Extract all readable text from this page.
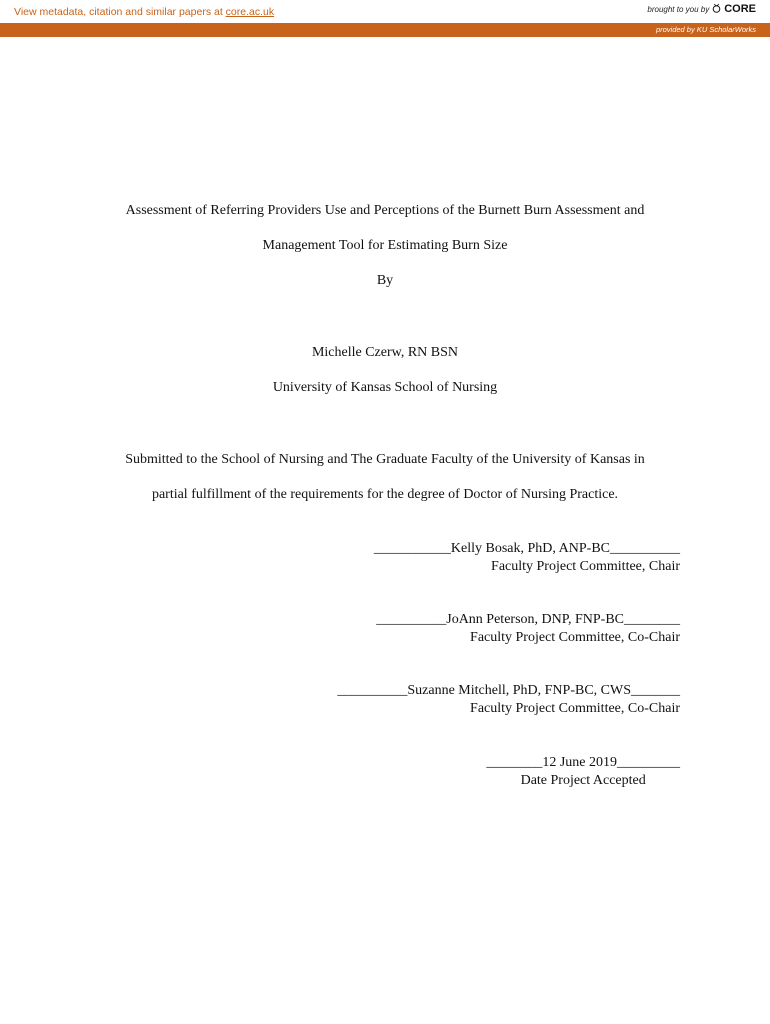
View metadata, citation and similar papers at core.ac.uk	brought to you by CORE
provided by KU ScholarWorks
Assessment of Referring Providers Use and Perceptions of the Burnett Burn Assessment and
Management Tool for Estimating Burn Size
By
Michelle Czerw, RN BSN
University of Kansas School of Nursing
Submitted to the School of Nursing and The Graduate Faculty of the University of Kansas in
partial fulfillment of the requirements for the degree of Doctor of Nursing Practice.
___________Kelly Bosak, PhD, ANP-BC__________
Faculty Project Committee, Chair
__________JoAnn Peterson, DNP, FNP-BC________
Faculty Project Committee, Co-Chair
__________Suzanne Mitchell, PhD, FNP-BC, CWS_______
Faculty Project Committee, Co-Chair
________12 June 2019_________
Date Project Accepted
